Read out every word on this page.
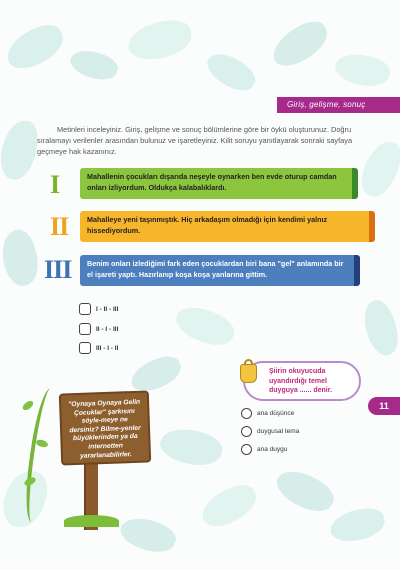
Giriş, gelişme, sonuç
Metinleri inceleyiniz. Giriş, gelişme ve sonuç bölümlerine göre bir öykü oluşturunuz. Doğru sıralamayı verilenler arasından bulunuz ve işaretleyiniz. Kilit soruyu yanıtlayarak sonraki sayfaya geçmeye hak kazanınız.
I	Mahallenin çocukları dışarıda neşeyle oynarken ben evde oturup camdan onları izliyordum. Oldukça kalabalıklardı.
II	Mahalleye yeni taşınmıştık. Hiç arkadaşım olmadığı için kendimi yalnız hissediyordum.
III	Benim onları izlediğimi fark eden çocuklardan biri bana "gel" anlamında bir el işareti yaptı. Hazırlanıp koşa koşa yanlarına gittim.
I - II - III
II - I - III
III - I - II
"Oynaya Oynaya Gelin Çocuklar" şarkısını söyle-meye ne dersiniz? Bilme-yenler büyüklerinden ya da internetten yararlanabilirler.
Şiirin okuyucuda uyandırdığı temel duyguya ...... denir.
11
ana düşünce
duygusal tema
ana duygu
